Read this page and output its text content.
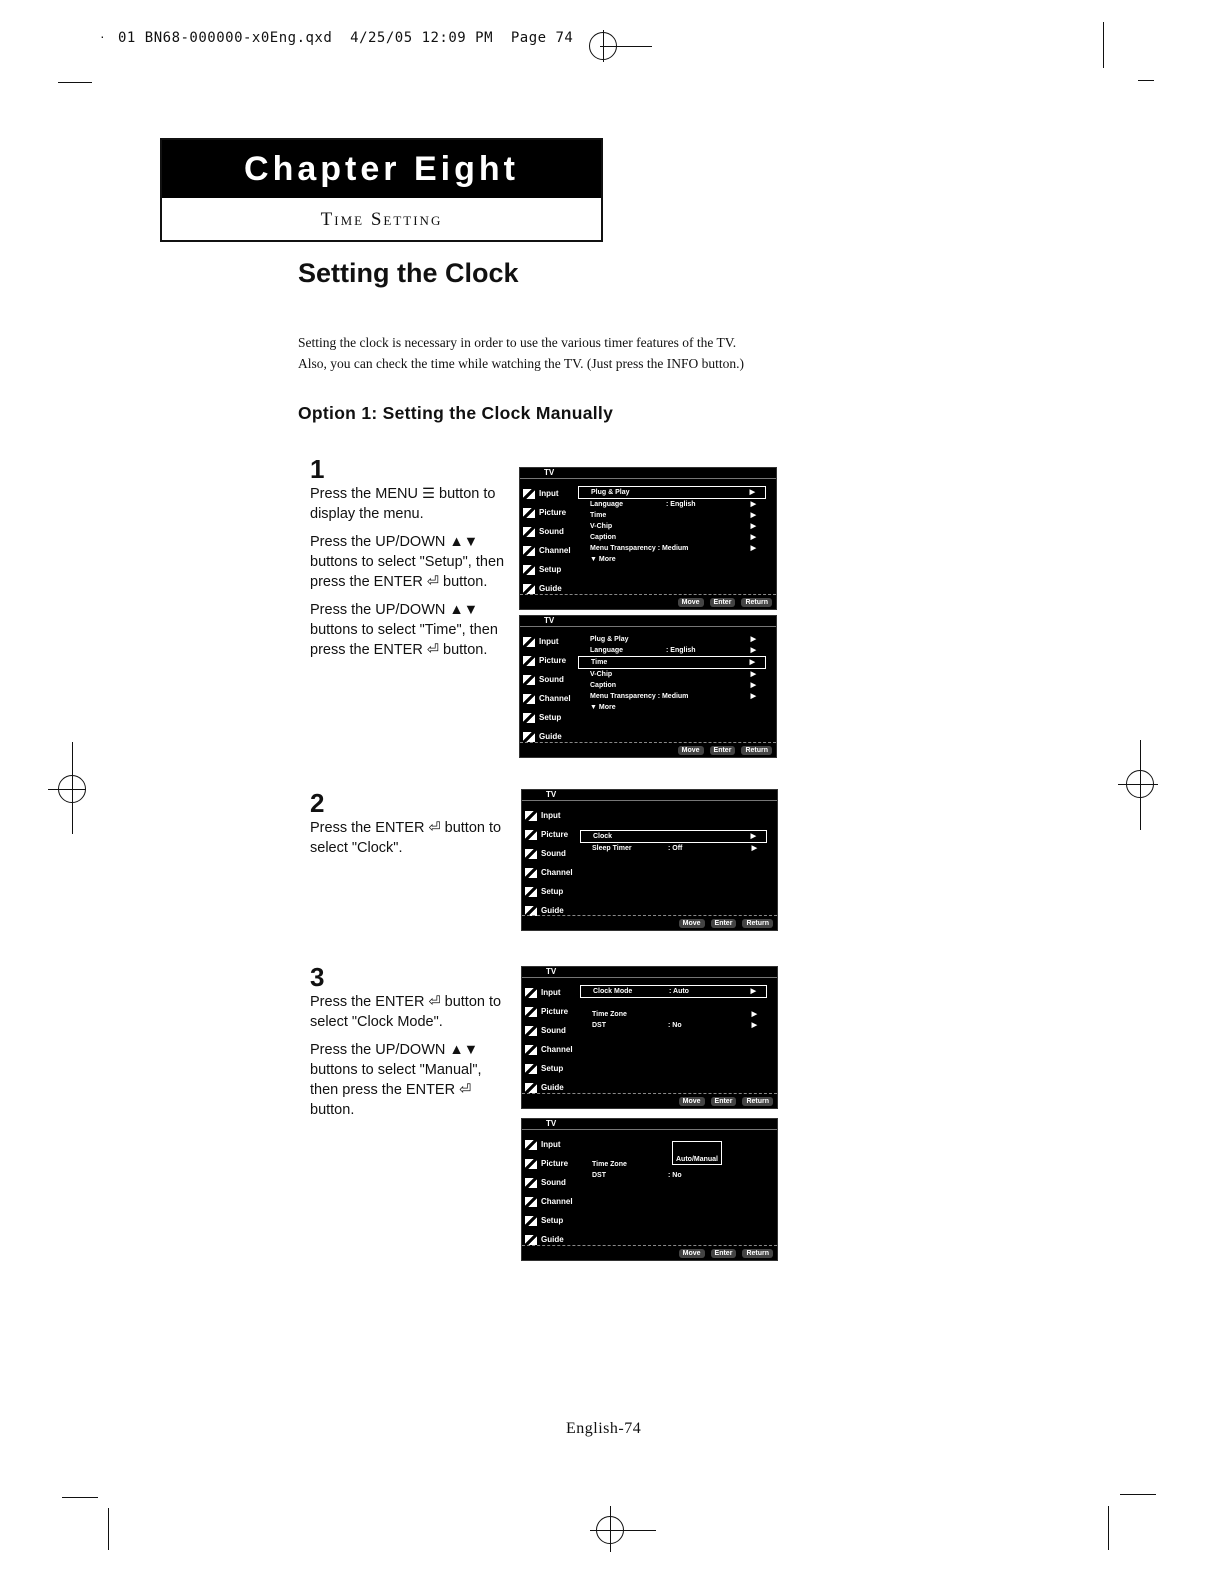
· 01 BN68-000000-x0Eng.qxd  4/25/05 12:09 PM  Page 74
Chapter Eight
Time Setting
Setting the Clock
Setting the clock is necessary in order to use the various timer features of the TV.
Also, you can check the time while watching the TV. (Just press the INFO button.)
Option 1: Setting the Clock Manually
1

Press the MENU ☰ button to display the menu.

Press the UP/DOWN ▲▼ buttons to select "Setup", then press the ENTER ⏎ button.

Press the UP/DOWN ▲▼ buttons to select "Time", then press the ENTER ⏎ button.

2

Press the ENTER ⏎ button to select "Clock".

3

Press the ENTER ⏎ button to select "Clock Mode".

Press the UP/DOWN ▲▼ buttons to select "Manual", then press the ENTER ⏎ button.

TV
Input
Picture
Sound
Channel
Setup
Guide
Plug & Play	▶
Language	: English	▶
Time	▶
V-Chip	▶
Caption	▶
Menu Transparency : Medium	▶
▼ More
Move	Enter	Return
TV
Input
Picture
Sound
Channel
Setup
Guide
Plug & Play	▶
Language	: English	▶
Time	▶
V-Chip	▶
Caption	▶
Menu Transparency : Medium	▶
▼ More
Move	Enter	Return
TV
Input
Picture
Sound
Channel
Setup
Guide
Clock	▶
Sleep Timer	: Off	▶
Move	Enter	Return
TV
Input
Picture
Sound
Channel
Setup
Guide
Clock Mode	: Auto	▶
Time Zone	▶
DST	: No	▶
Move	Enter	Return
TV
Input
Picture
Sound
Channel
Setup
Guide
Time Zone
DST	: No
Auto/Manual
Move	Enter	Return
English-74
